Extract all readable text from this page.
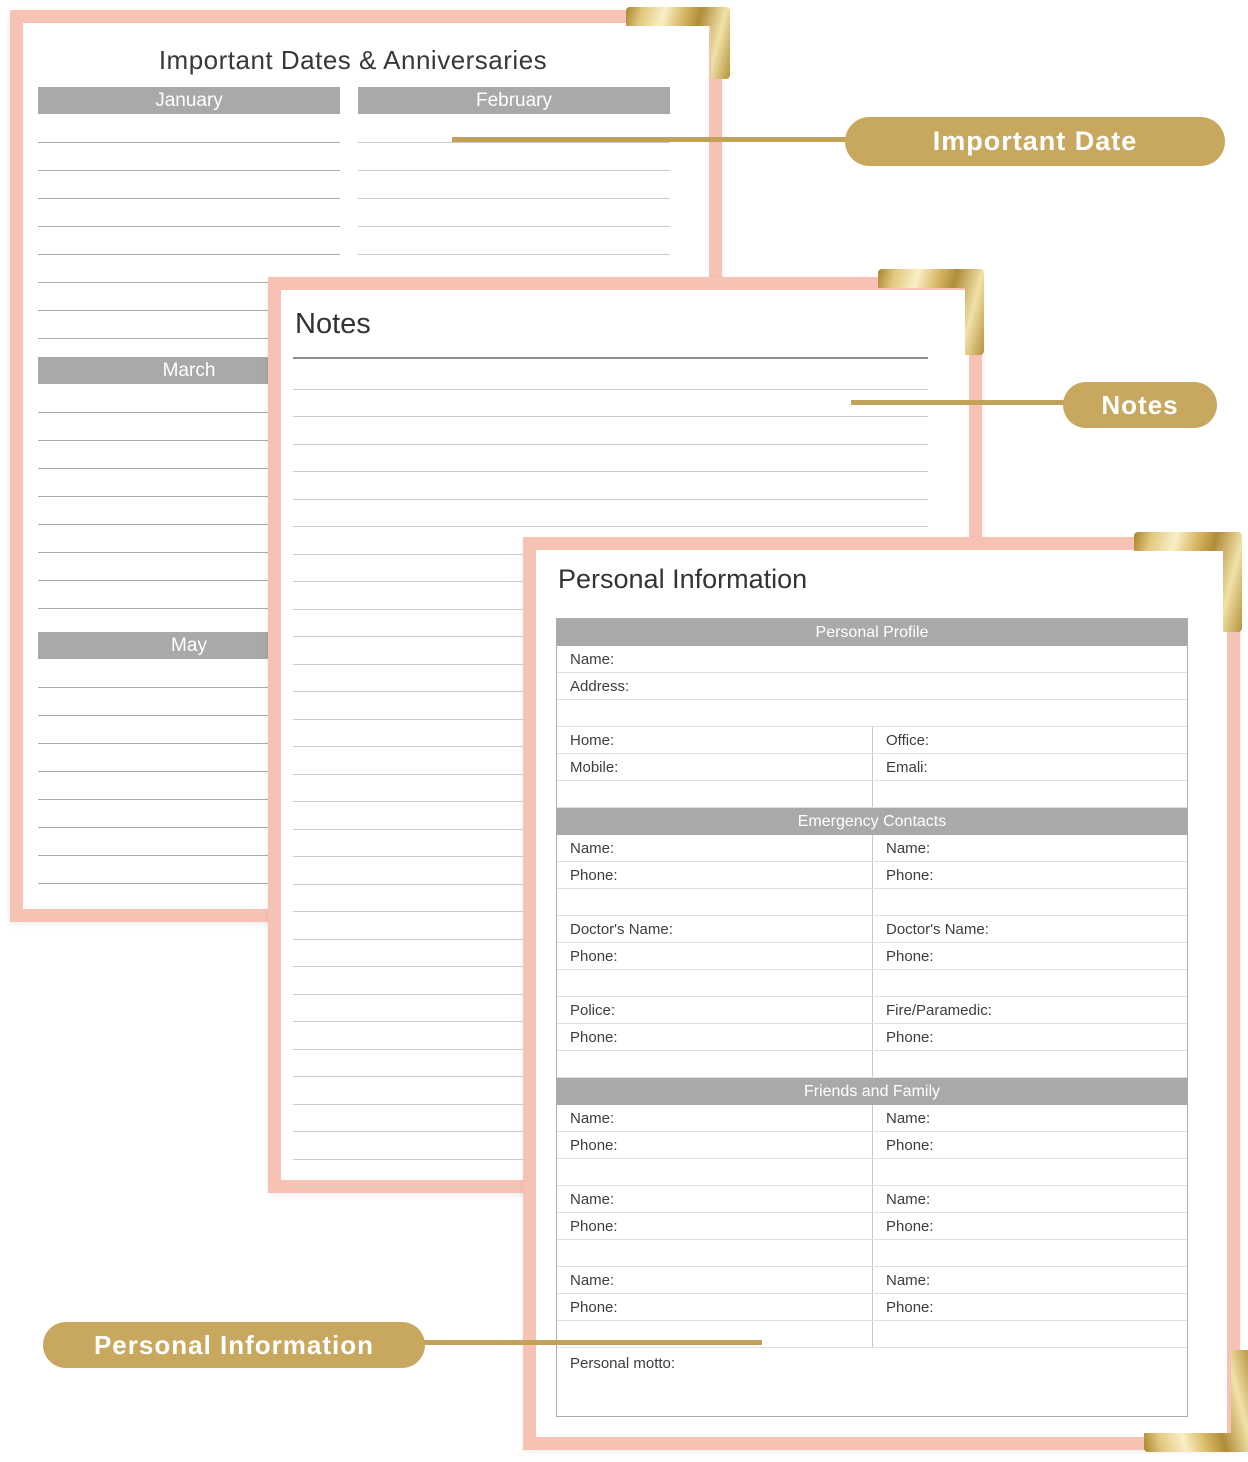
Important Dates & Anniversaries
January	February
March
May
Notes
Personal Information
Personal Profile
Name:
Address:
Home:	Office:
Mobile:	Emali:
Emergency Contacts
Name:	Name:
Phone:	Phone:
Doctor's Name:	Doctor's Name:
Phone:	Phone:
Police:	Fire/Paramedic:
Phone:	Phone:
Friends and Family
Name:	Name:
Phone:	Phone:
Name:	Name:
Phone:	Phone:
Name:	Name:
Phone:	Phone:
Personal motto:
Important Date
Notes
Personal Information
